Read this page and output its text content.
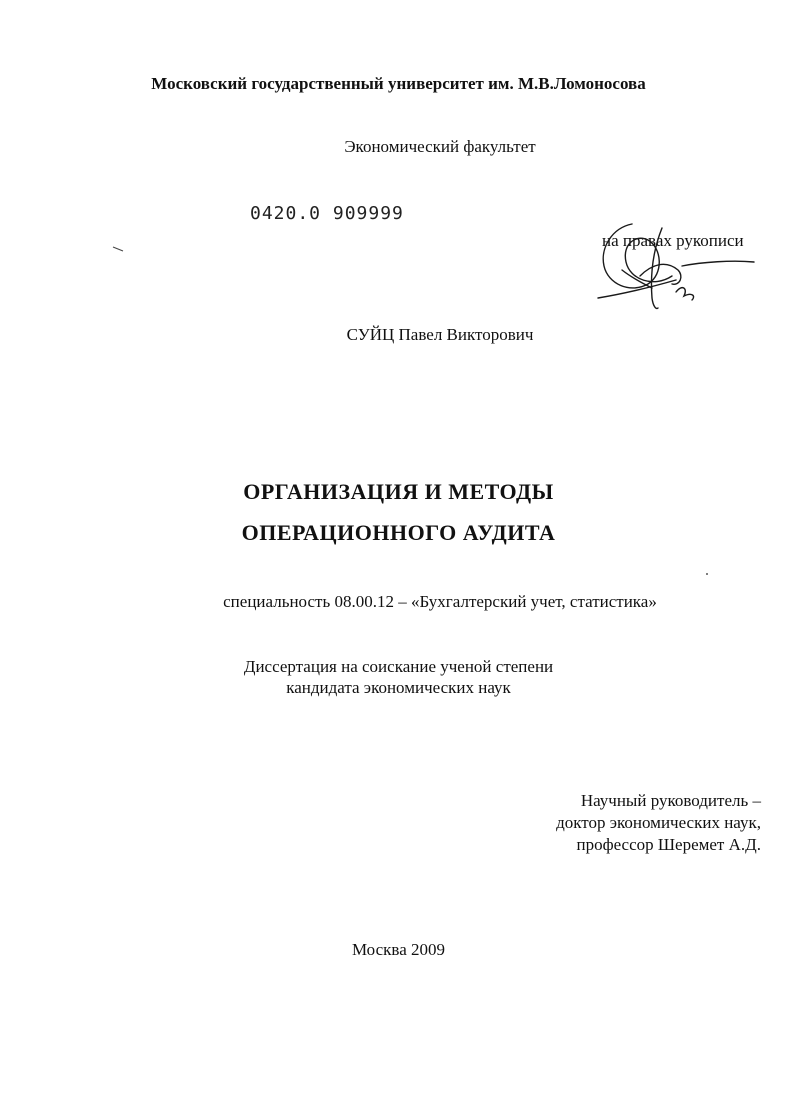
Московский государственный университет им. М.В.Ломоносова
Экономический факультет
0420.0 909999
на правах рукописи
СУЙЦ Павел Викторович
ОРГАНИЗАЦИЯ И МЕТОДЫ
ОПЕРАЦИОННОГО АУДИТА
специальность 08.00.12 – «Бухгалтерский учет, статистика»
Диссертация на соискание ученой степени
кандидата экономических наук
Научный руководитель –
доктор экономических наук,
профессор Шеремет А.Д.
Москва 2009
